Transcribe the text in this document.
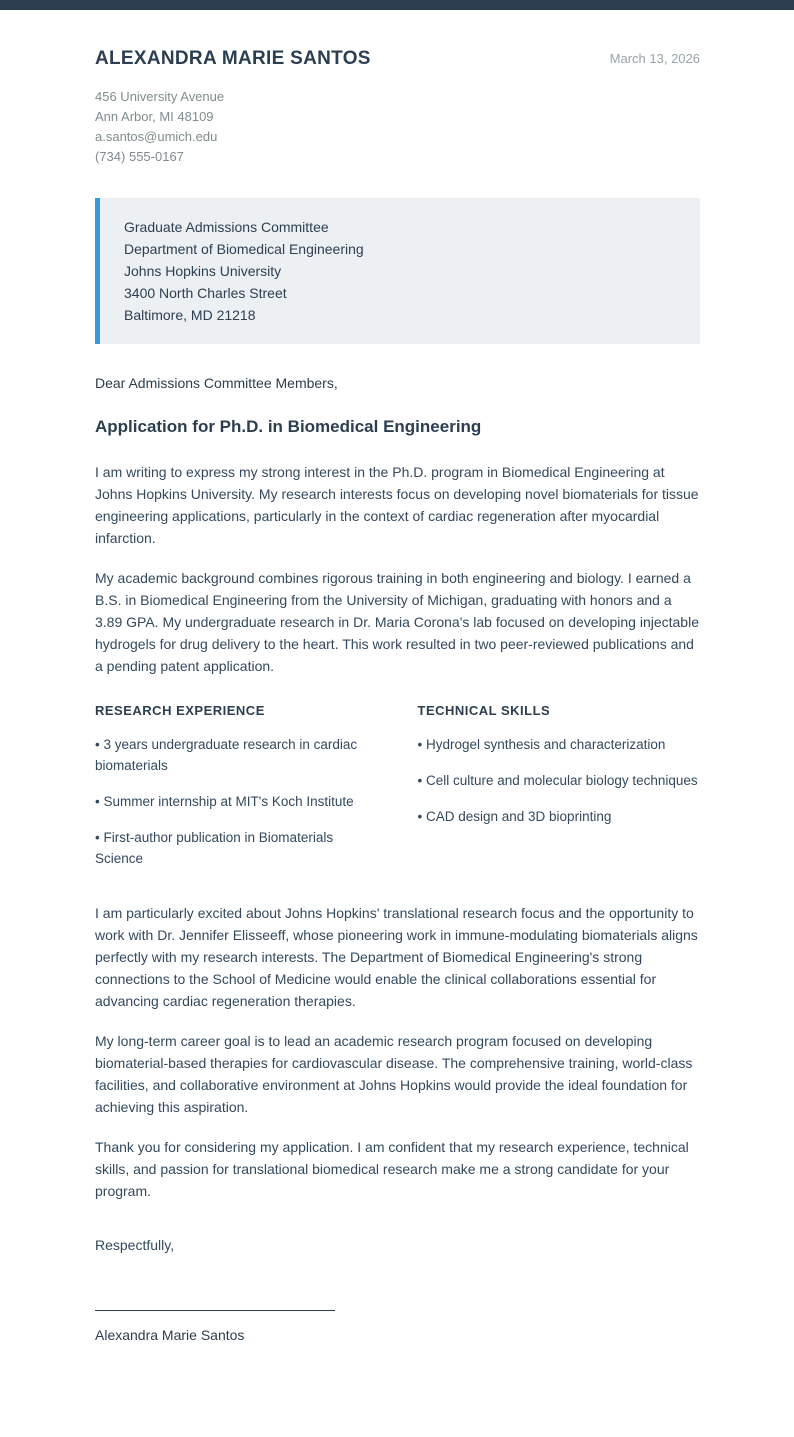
ALEXANDRA MARIE SANTOS	March 13, 2026
456 University Avenue
Ann Arbor, MI 48109
a.santos@umich.edu
(734) 555-0167
Graduate Admissions Committee
Department of Biomedical Engineering
Johns Hopkins University
3400 North Charles Street
Baltimore, MD 21218

Dear Admissions Committee Members,

Application for Ph.D. in Biomedical Engineering

I am writing to express my strong interest in the Ph.D. program in Biomedical Engineering at Johns Hopkins University. My research interests focus on developing novel biomaterials for tissue engineering applications, particularly in the context of cardiac regeneration after myocardial infarction.

My academic background combines rigorous training in both engineering and biology. I earned a B.S. in Biomedical Engineering from the University of Michigan, graduating with honors and a 3.89 GPA. My undergraduate research in Dr. Maria Corona's lab focused on developing injectable hydrogels for drug delivery to the heart. This work resulted in two peer-reviewed publications and a pending patent application.

RESEARCH EXPERIENCE

• 3 years undergraduate research in cardiac biomaterials

• Summer internship at MIT's Koch Institute

• First-author publication in Biomaterials Science

TECHNICAL SKILLS

• Hydrogel synthesis and characterization

• Cell culture and molecular biology techniques

• CAD design and 3D bioprinting

I am particularly excited about Johns Hopkins' translational research focus and the opportunity to work with Dr. Jennifer Elisseeff, whose pioneering work in immune-modulating biomaterials aligns perfectly with my research interests. The Department of Biomedical Engineering's strong connections to the School of Medicine would enable the clinical collaborations essential for advancing cardiac regeneration therapies.

My long-term career goal is to lead an academic research program focused on developing biomaterial-based therapies for cardiovascular disease. The comprehensive training, world-class facilities, and collaborative environment at Johns Hopkins would provide the ideal foundation for achieving this aspiration.

Thank you for considering my application. I am confident that my research experience, technical skills, and passion for translational biomedical research make me a strong candidate for your program.

Respectfully,

Alexandra Marie Santos
